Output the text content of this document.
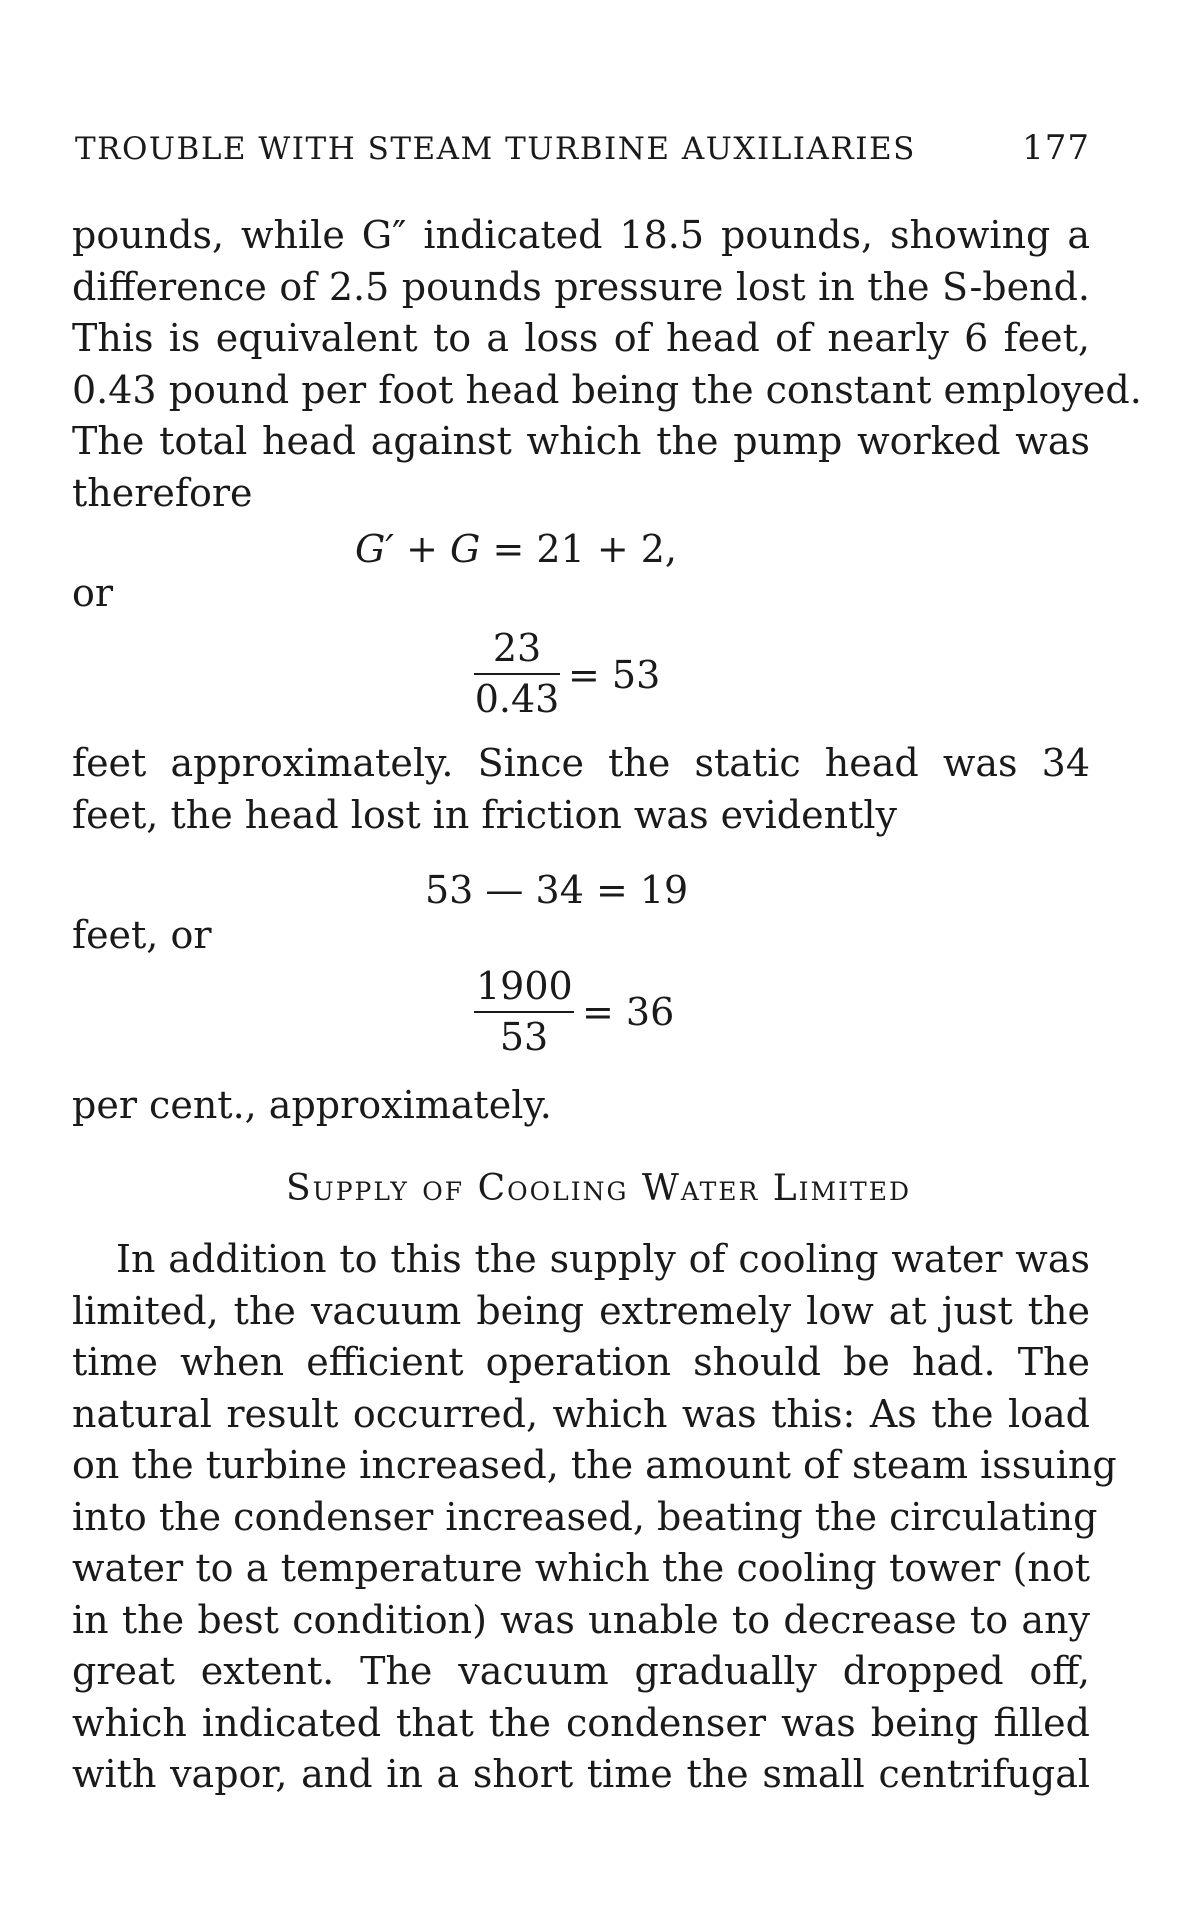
TROUBLE WITH STEAM TURBINE AUXILIARIES	177
pounds, while G″ indicated 18.5 pounds, showing a
difference of 2.5 pounds pressure lost in the S-bend.
This is equivalent to a loss of head of nearly 6 feet,
0.43 pound per foot head being the constant employed.
The total head against which the pump worked was
therefore
G′ + G = 21 + 2,
or
23
0.43
= 53
feet approximately. Since the static head was 34
feet, the head lost in friction was evidently
53 — 34 = 19
feet, or
1900
53
= 36
per cent., approximately.
Supply of Cooling Water Limited
In addition to this the supply of cooling water was
limited, the vacuum being extremely low at just the
time when efficient operation should be had. The
natural result occurred, which was this: As the load
on the turbine increased, the amount of steam issuing
into the condenser increased, beating the circulating
water to a temperature which the cooling tower (not
in the best condition) was unable to decrease to any
great extent. The vacuum gradually dropped off,
which indicated that the condenser was being filled
with vapor, and in a short time the small centrifugal
